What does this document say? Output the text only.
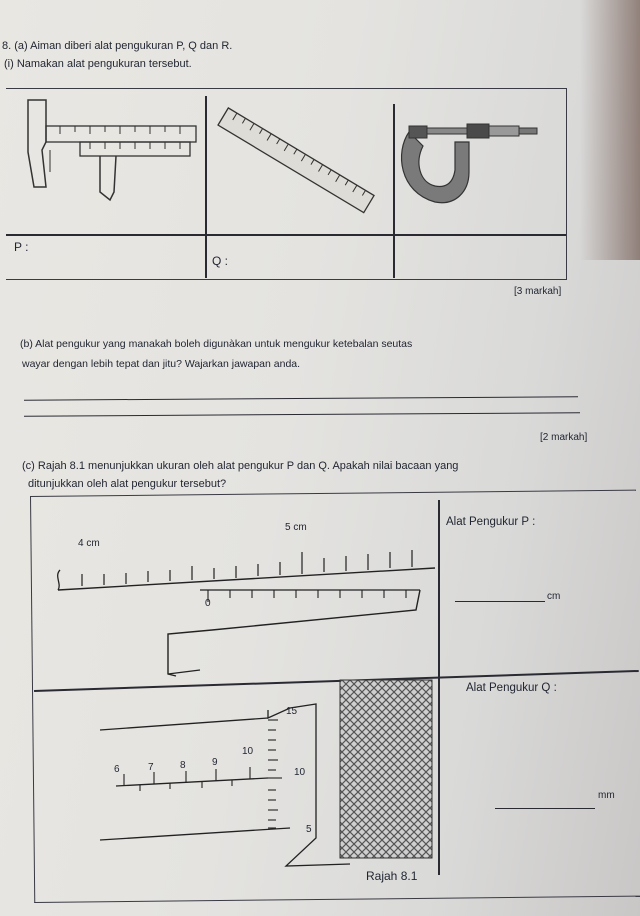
8. (a) Aiman diberi alat pengukuran P, Q dan R.
(i) Namakan alat pengukuran tersebut.
P :
Q :
[3 markah]
(b) Alat pengukur yang manakah boleh digunàkan untuk mengukur ketebalan seutas
wayar dengan lebih tepat dan jitu? Wajarkan jawapan anda.
[2 markah]
(c) Rajah 8.1 menunjukkan ukuran oleh alat pengukur P dan Q. Apakah nilai bacaan yang
ditunjukkan oleh alat pengukur tersebut?
4 cm
5 cm
0
Alat Pengukur P :
cm
6	7	8	9
10
15
10
5
Alat Pengukur Q :
mm
Rajah 8.1
